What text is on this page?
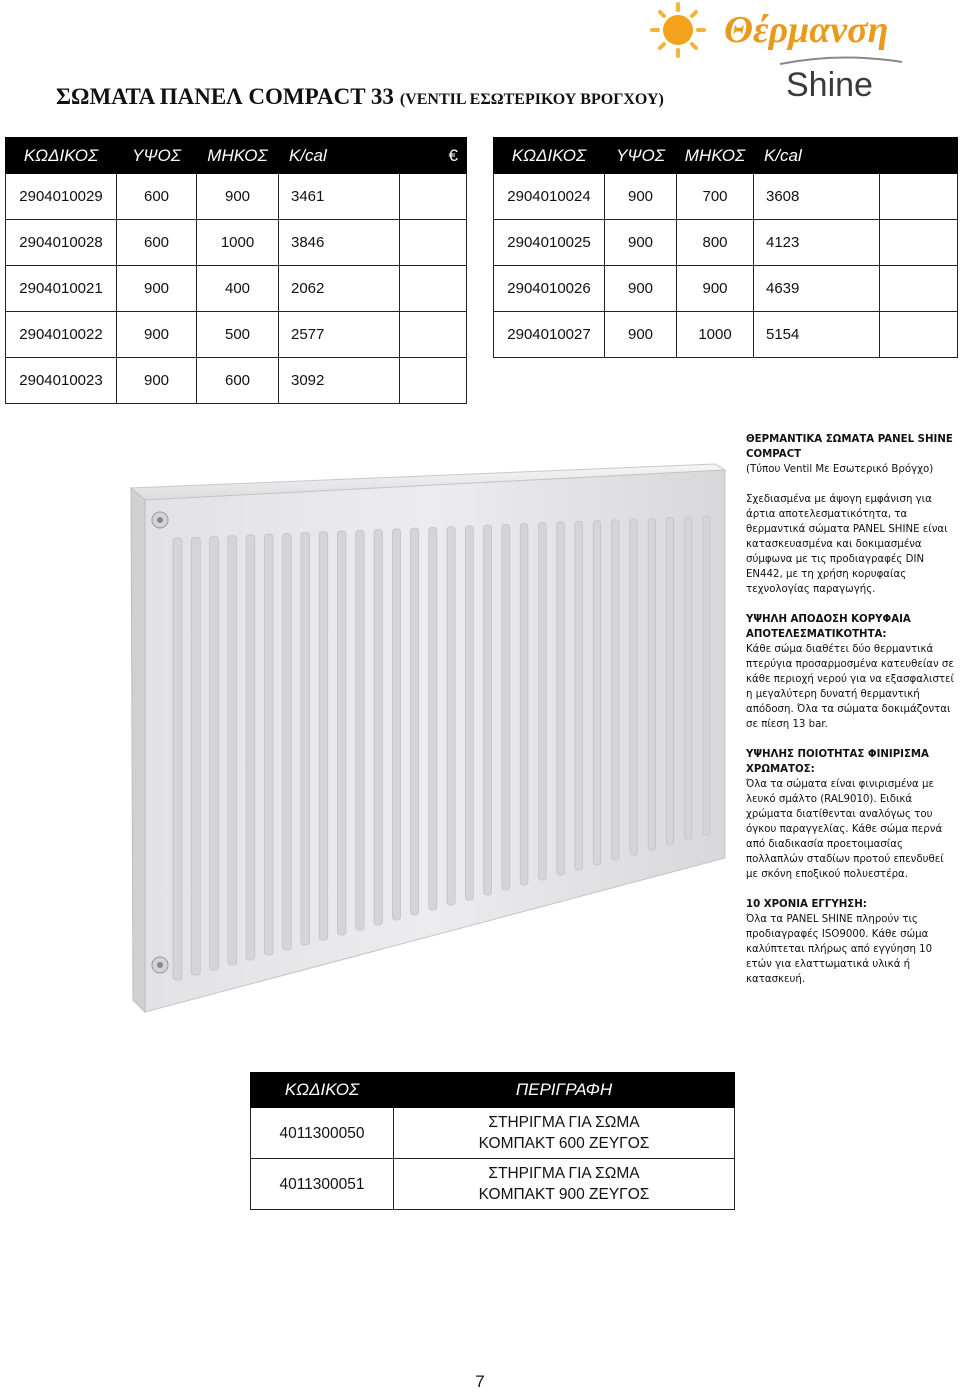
ΣΩΜΑΤΑ ΠΑΝΕΛ COMPACT 33 (VENTIL ΕΣΩΤΕΡΙΚΟΥ ΒΡΟΓΧΟΥ)
Θέρμανση
Shine
ΚΩΔΙΚΟΣ	ΥΨΟΣ	ΜΗΚΟΣ	K/cal	€
2904010029	600	900	3461	
2904010028	600	1000	3846	
2904010021	900	400	2062	
2904010022	900	500	2577	
2904010023	900	600	3092	
ΚΩΔΙΚΟΣ	ΥΨΟΣ	ΜΗΚΟΣ	K/cal	
2904010024	900	700	3608	
2904010025	900	800	4123	
2904010026	900	900	4639	
2904010027	900	1000	5154	
ΘΕΡΜΑΝΤΙΚΑ ΣΩΜΑΤΑ PANEL SHINE COMPACT
(Τύπου Ventil Με Εσωτερικό Βρόγχο)

Σχεδιασμένα με άψογη εμφάνιση για άρτια αποτελεσματικότητα, τα θερμαντικά σώματα PANEL SHINE είναι κατασκευασμένα και δοκιμασμένα σύμφωνα με τις προδιαγραφές DIN EN442, με τη χρήση κορυφαίας τεχνολογίας παραγωγής.

ΥΨΗΛΗ ΑΠΟΔΟΣΗ ΚΟΡΥΦΑΙΑ ΑΠΟΤΕΛΕΣΜΑΤΙΚΟΤΗΤΑ:

Κάθε σώμα διαθέτει δύο θερμαντικά πτερύγια προσαρμοσμένα κατευθείαν σε κάθε περιοχή νερού για να εξασφαλιστεί η μεγαλύτερη δυνατή θερμαντική απόδοση. Όλα τα σώματα δοκιμάζονται σε πίεση 13 bar.

ΥΨΗΛΗΣ ΠΟΙΟΤΗΤΑΣ ΦΙΝΙΡΙΣΜΑ ΧΡΩΜΑΤΟΣ:

Όλα τα σώματα είναι φινιρισμένα με λευκό σμάλτο (RAL9010). Ειδικά χρώματα διατίθενται αναλόγως του όγκου παραγγελίας. Κάθε σώμα περνά από διαδικασία προετοιμασίας πολλαπλών σταδίων προτού επενδυθεί με σκόνη εποξικού πολυεστέρα.

10 ΧΡΟΝΙΑ ΕΓΓΥΗΣΗ:

Όλα τα PANEL SHINE πληρούν τις προδιαγραφές ISO9000. Κάθε σώμα καλύπτεται πλήρως από εγγύηση 10 ετών για ελαττωματικά υλικά ή κατασκευή.

ΚΩΔΙΚΟΣ	ΠΕΡΙΓΡΑΦΗ
4011300050	ΣΤΗΡΙΓΜΑ ΓΙΑ ΣΩΜΑ
ΚΟΜΠΑΚΤ 600 ΖΕΥΓΟΣ

4011300051	ΣΤΗΡΙΓΜΑ ΓΙΑ ΣΩΜΑ
ΚΟΜΠΑΚΤ 900 ΖΕΥΓΟΣ
7
